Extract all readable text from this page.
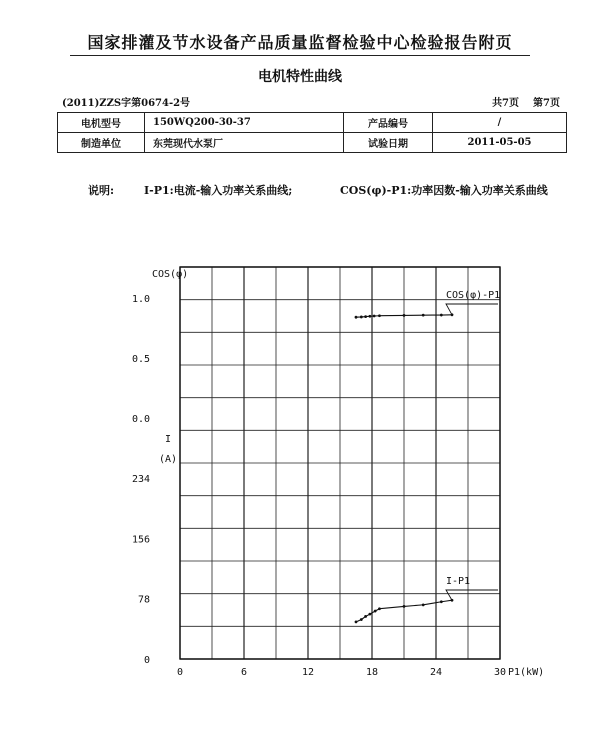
国家排灌及节水设备产品质量监督检验中心检验报告附页
电机特性曲线
(2011)ZZS字第0674-2号	共7页 第7页
电机型号	150WQ200-30-37	产品编号	/
制造单位	东莞现代水泵厂	试验日期	2011-05-05
说明:	I-P1:电流-输入功率关系曲线;	COS(φ)-P1:功率因数-输入功率关系曲线
0	6	12	18	24	30 P1(kW)
0.0
0.5
1.0
COS(φ)
0
78
156
234
I
(A)
COS(φ)-P1
I-P1
